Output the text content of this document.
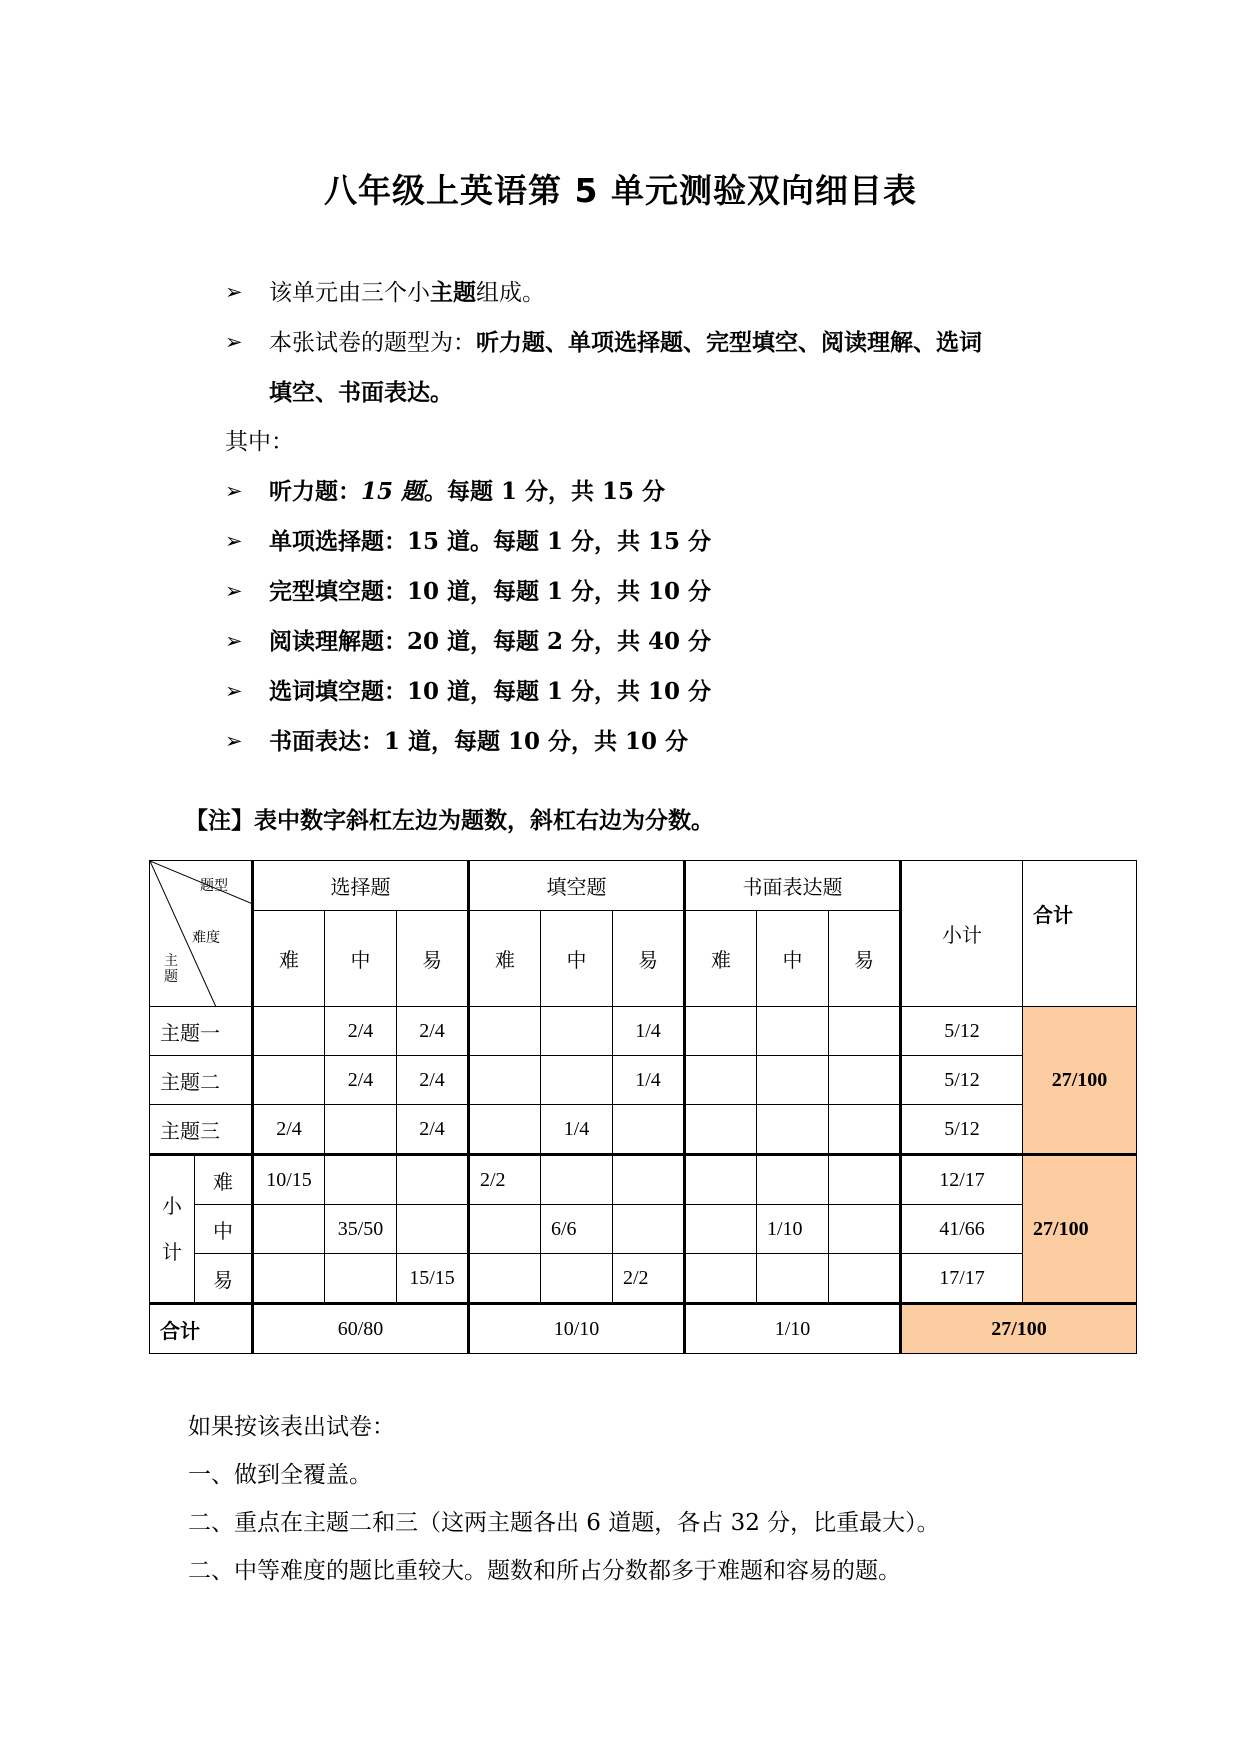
八年级上英语第 5 单元测验双向细目表
➢ 该单元由三个小主题组成。
➢ 本张试卷的题型为：听力题、单项选择题、完型填空、阅读理解、选词
填空、书面表达。
其中：
➢ 听力题：15 题。每题 1 分，共 15 分
➢ 单项选择题：15 道。每题 1 分，共 15 分
➢ 完型填空题：10 道，每题 1 分，共 10 分
➢ 阅读理解题：20 道，每题 2 分，共 40 分
➢ 选词填空题：10 道，每题 1 分，共 10 分
➢ 书面表达：1 道，每题 10 分，共 10 分
【注】表中数字斜杠左边为题数，斜杠右边为分数。
题型
难度
主题		选择题			填空题			书面表达题			小计	合计
		难	中	易	难	中	易	难	中	易		
主题一			2/4	2/4			1/4				5/12	27/100
主题二			2/4	2/4			1/4				5/12	
主题三		2/4		2/4		1/4					5/12	
小计	难	10/15			2/2						12/17	27/100
	中		35/50			6/6			1/10		41/66	
	易			15/15			2/2				17/17	
合计		60/80			10/10			1/10			27/100	
如果按该表出试卷：
一、做到全覆盖。
二、重点在主题二和三（这两主题各出 6 道题，各占 32 分，比重最大）。
二、中等难度的题比重较大。题数和所占分数都多于难题和容易的题。
